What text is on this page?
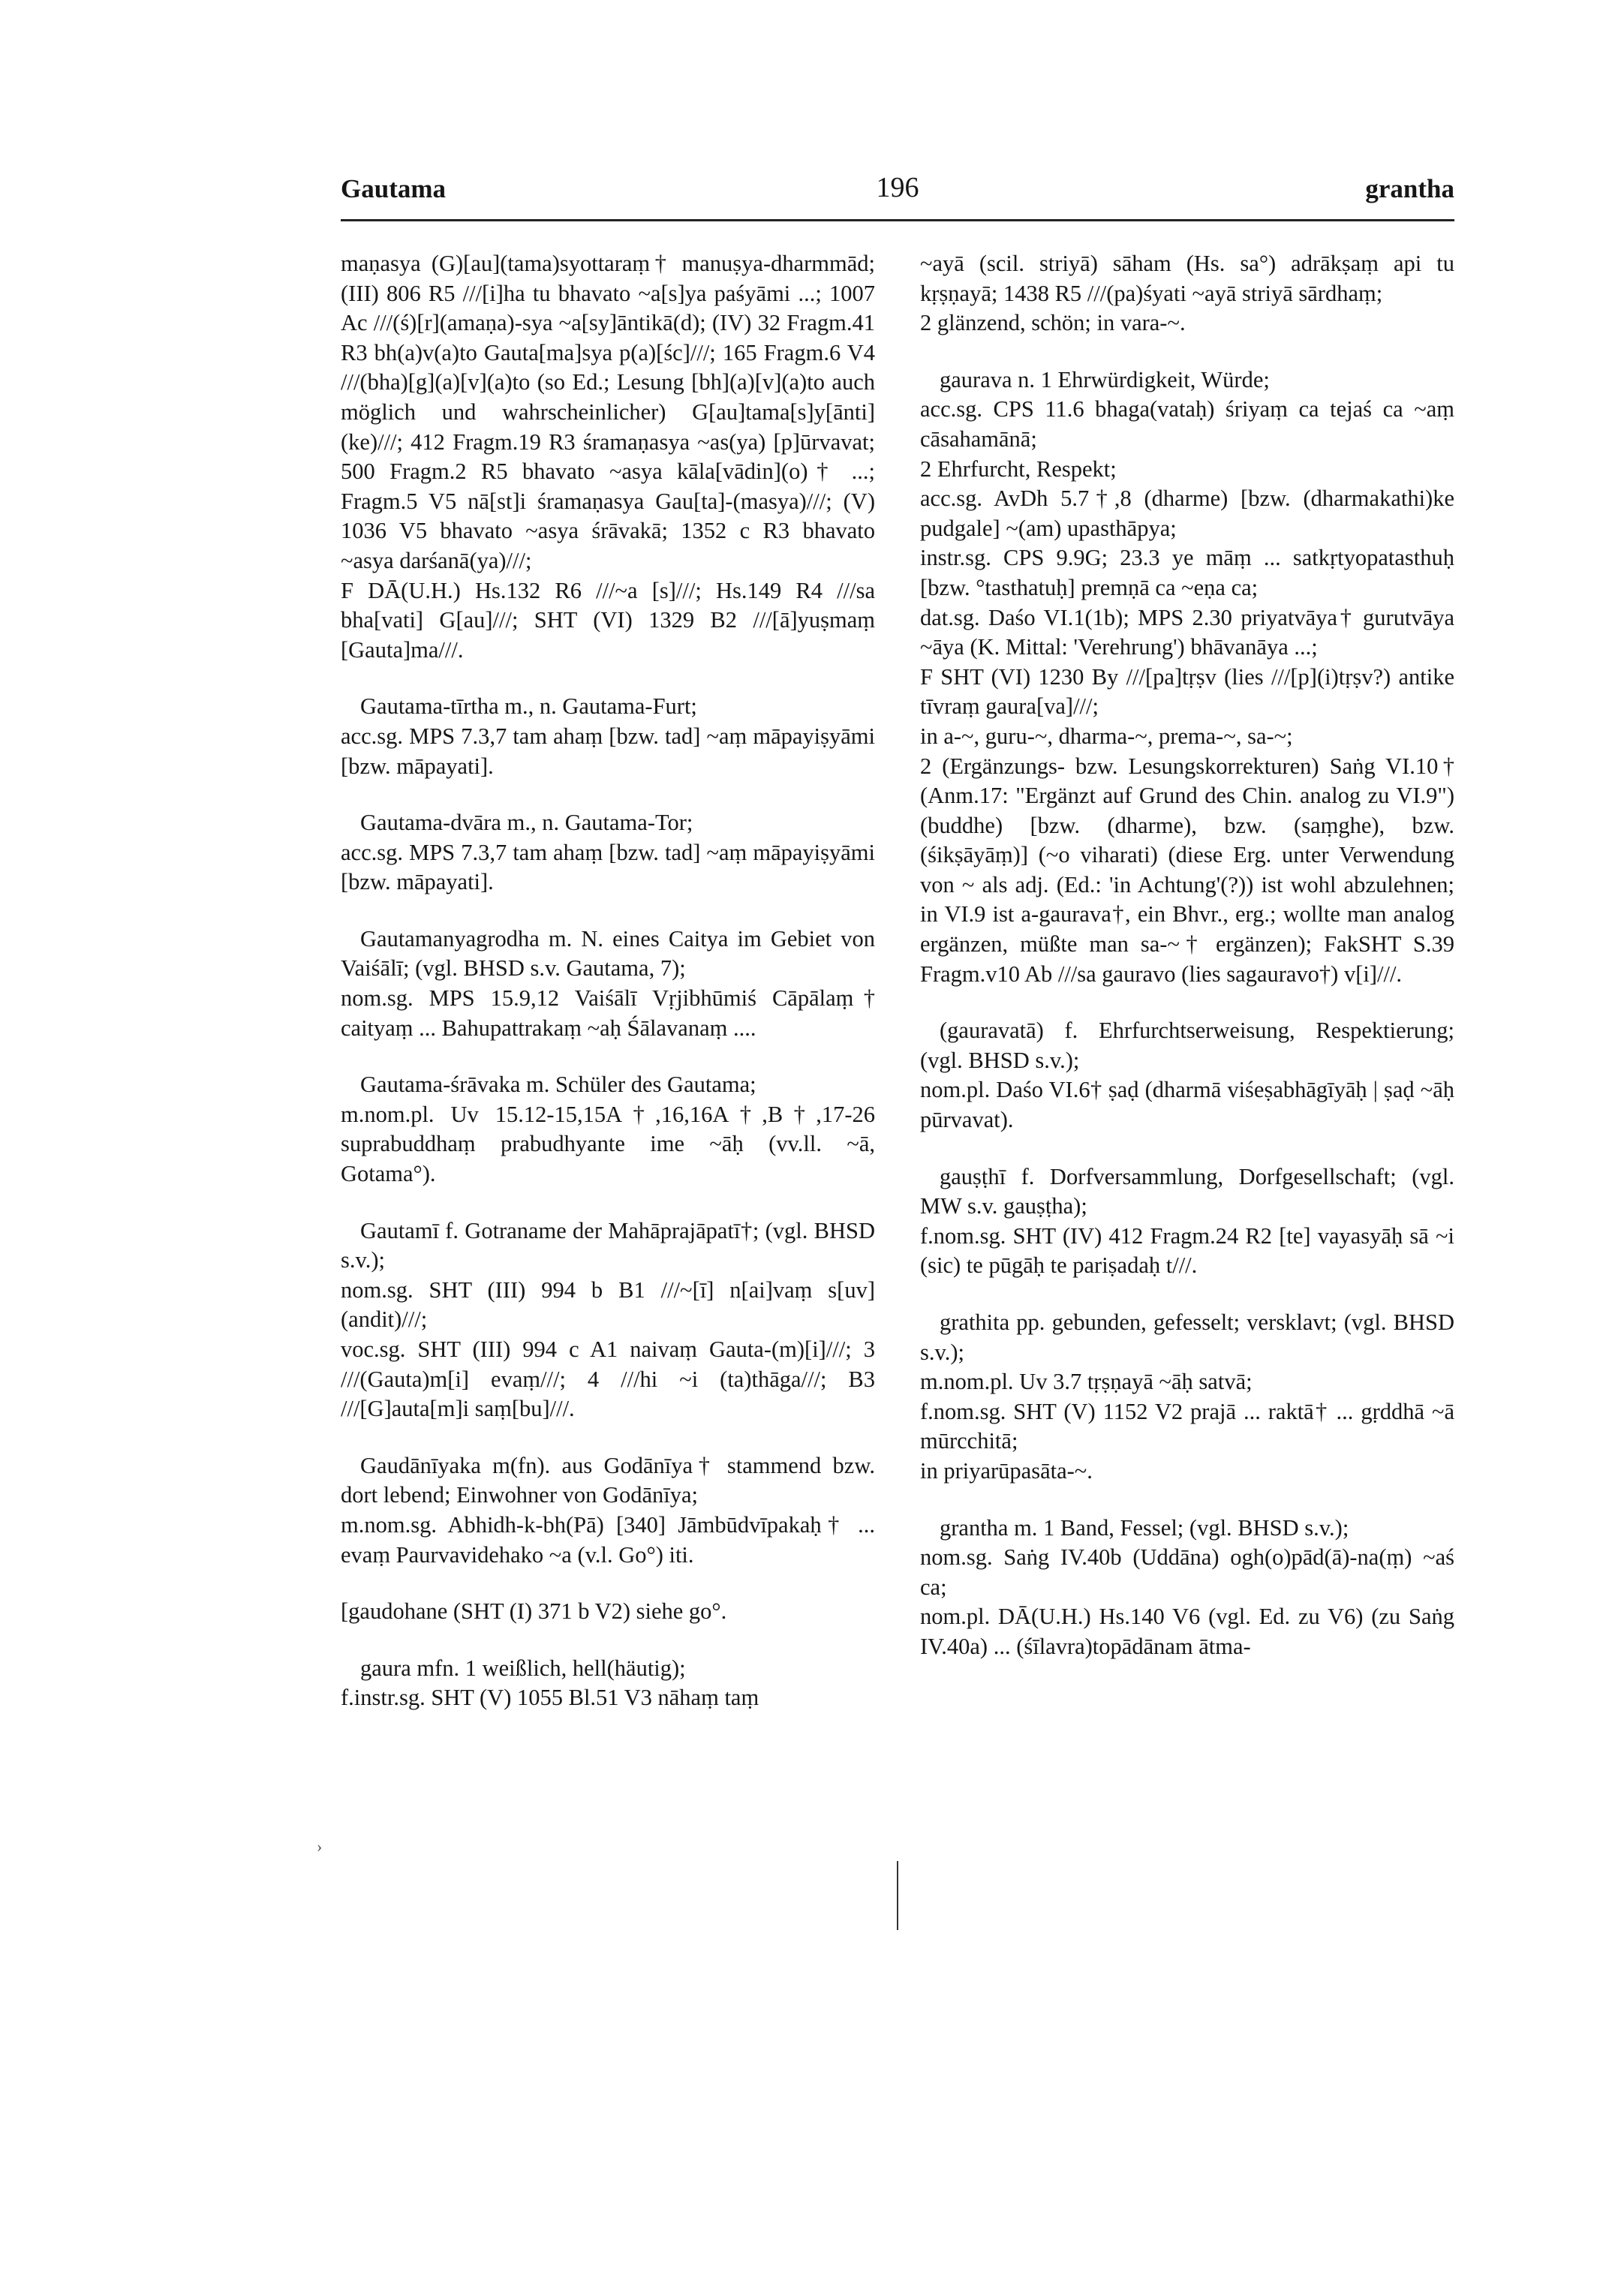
Gautama	196	grantha
maṇasya (G)[au](tama)syottaraṃ† manuṣya-dharmmād; (III) 806 R5 ///[i]ha tu bhavato ~a[s]ya paśyāmi ...; 1007 Ac ///(ś)[r](amaṇa)-sya ~a[sy]āntikā(d); (IV) 32 Fragm.41 R3 bh(a)v(a)to Gauta[ma]sya p(a)[śc]///; 165 Fragm.6 V4 ///(bha)[g](a)[v](a)to (so Ed.; Lesung [bh](a)[v](a)to auch möglich und wahrscheinlicher) G[au]tama[s]y[ānti](ke)///; 412 Fragm.19 R3 śramaṇasya ~as(ya) [p]ūrvavat; 500 Fragm.2 R5 bhavato ~asya kāla[vādin](o)† ...; Fragm.5 V5 nā[st]i śramaṇasya Gau[ta]-(masya)///; (V) 1036 V5 bhavato ~asya śrāvakā; 1352 c R3 bhavato ~asya darśanā(ya)///;
F DĀ(U.H.) Hs.132 R6 ///~a [s]///; Hs.149 R4 ///sa bha[vati] G[au]///; SHT (VI) 1329 B2 ///[ā]yuṣmaṃ [Gauta]ma///.
Gautama-tīrtha m., n. Gautama-Furt;
acc.sg. MPS 7.3,7 tam ahaṃ [bzw. tad] ~aṃ māpayiṣyāmi [bzw. māpayati].
Gautama-dvāra m., n. Gautama-Tor;
acc.sg. MPS 7.3,7 tam ahaṃ [bzw. tad] ~aṃ māpayiṣyāmi [bzw. māpayati].
Gautamanyagrodha m. N. eines Caitya im Gebiet von Vaiśālī; (vgl. BHSD s.v. Gautama, 7);
nom.sg. MPS 15.9,12 Vaiśālī Vṛjibhūmiś Cāpālaṃ† caityaṃ ... Bahupattrakaṃ ~aḥ Śālavanaṃ ....
Gautama-śrāvaka m. Schüler des Gautama;
m.nom.pl. Uv 15.12-15,15A†,16,16A†,B†,17-26 suprabuddhaṃ prabudhyante ime ~āḥ (vv.ll. ~ā, Gotama°).
Gautamī f. Gotraname der Mahāprajāpatī†; (vgl. BHSD s.v.);
nom.sg. SHT (III) 994 b B1 ///~[ī] n[ai]vaṃ s[uv](andit)///;
voc.sg. SHT (III) 994 c A1 naivaṃ Gauta-(m)[i]///; 3 ///(Gauta)m[i] evaṃ///; 4 ///hi ~i (ta)thāga///; B3 ///[G]auta[m]i saṃ[bu]///.
Gaudānīyaka m(fn). aus Godānīya† stammend bzw. dort lebend; Einwohner von Godānīya;
m.nom.sg. Abhidh-k-bh(Pā) [340] Jāmbūdvīpakaḥ† ... evaṃ Paurvavidehako ~a (v.l. Go°) iti.
[gaudohane (SHT (I) 371 b V2) siehe go°.
gaura mfn. 1 weißlich, hell(häutig);
f.instr.sg. SHT (V) 1055 Bl.51 V3 nāhaṃ taṃ
›
~ayā (scil. striyā) sāham (Hs. sa°) adrākṣaṃ api tu kṛṣṇayā; 1438 R5 ///(pa)śyati ~ayā striyā sārdhaṃ;
2 glänzend, schön; in vara-~.
gaurava n. 1 Ehrwürdigkeit, Würde;
acc.sg. CPS 11.6 bhaga(vataḥ) śriyaṃ ca tejaś ca ~aṃ cāsahamānā;
2 Ehrfurcht, Respekt;
acc.sg. AvDh 5.7†,8 (dharme) [bzw. (dharmakathi)ke pudgale] ~(am) upasthāpya;
instr.sg. CPS 9.9G; 23.3 ye māṃ ... satkṛtyopatasthuḥ [bzw. °tasthatuḥ] premṇā ca ~eṇa ca;
dat.sg. Daśo VI.1(1b); MPS 2.30 priyatvāya† gurutvāya ~āya (K. Mittal: 'Verehrung') bhāvanāya ...;
F SHT (VI) 1230 By ///[pa]tṛṣv (lies ///[p](i)tṛṣv?) antike tīvraṃ gaura[va]///;
in a-~, guru-~, dharma-~, prema-~, sa-~;
2 (Ergänzungs- bzw. Lesungskorrekturen) Saṅg VI.10† (Anm.17: "Ergänzt auf Grund des Chin. analog zu VI.9") (buddhe) [bzw. (dharme), bzw. (saṃghe), bzw. (śikṣāyāṃ)] (~o viharati) (diese Erg. unter Verwendung von ~ als adj. (Ed.: 'in Achtung'(?)) ist wohl abzulehnen; in VI.9 ist a-gaurava†, ein Bhvr., erg.; wollte man analog ergänzen, müßte man sa-~† ergänzen); FakSHT S.39 Fragm.v10 Ab ///sa gauravo (lies sagauravo†) v[i]///.
(gauravatā) f. Ehrfurchtserweisung, Respektierung; (vgl. BHSD s.v.);
nom.pl. Daśo VI.6† ṣaḍ (dharmā viśeṣabhāgīyāḥ | ṣaḍ ~āḥ pūrvavat).
gauṣṭhī f. Dorfversammlung, Dorfgesellschaft; (vgl. MW s.v. gauṣṭha);
f.nom.sg. SHT (IV) 412 Fragm.24 R2 [te] vayasyāḥ sā ~i (sic) te pūgāḥ te pariṣadaḥ t///.
grathita pp. gebunden, gefesselt; versklavt; (vgl. BHSD s.v.);
m.nom.pl. Uv 3.7 tṛṣṇayā ~āḥ satvā;
f.nom.sg. SHT (V) 1152 V2 prajā ... raktā† ... gṛddhā ~ā mūrcchitā;
in priyarūpasāta-~.
grantha m. 1 Band, Fessel; (vgl. BHSD s.v.);
nom.sg. Saṅg IV.40b (Uddāna) ogh(o)pād(ā)-na(ṃ) ~aś ca;
nom.pl. DĀ(U.H.) Hs.140 V6 (vgl. Ed. zu V6) (zu Saṅg IV.40a) ... (śīlavra)topādānam ātma-
